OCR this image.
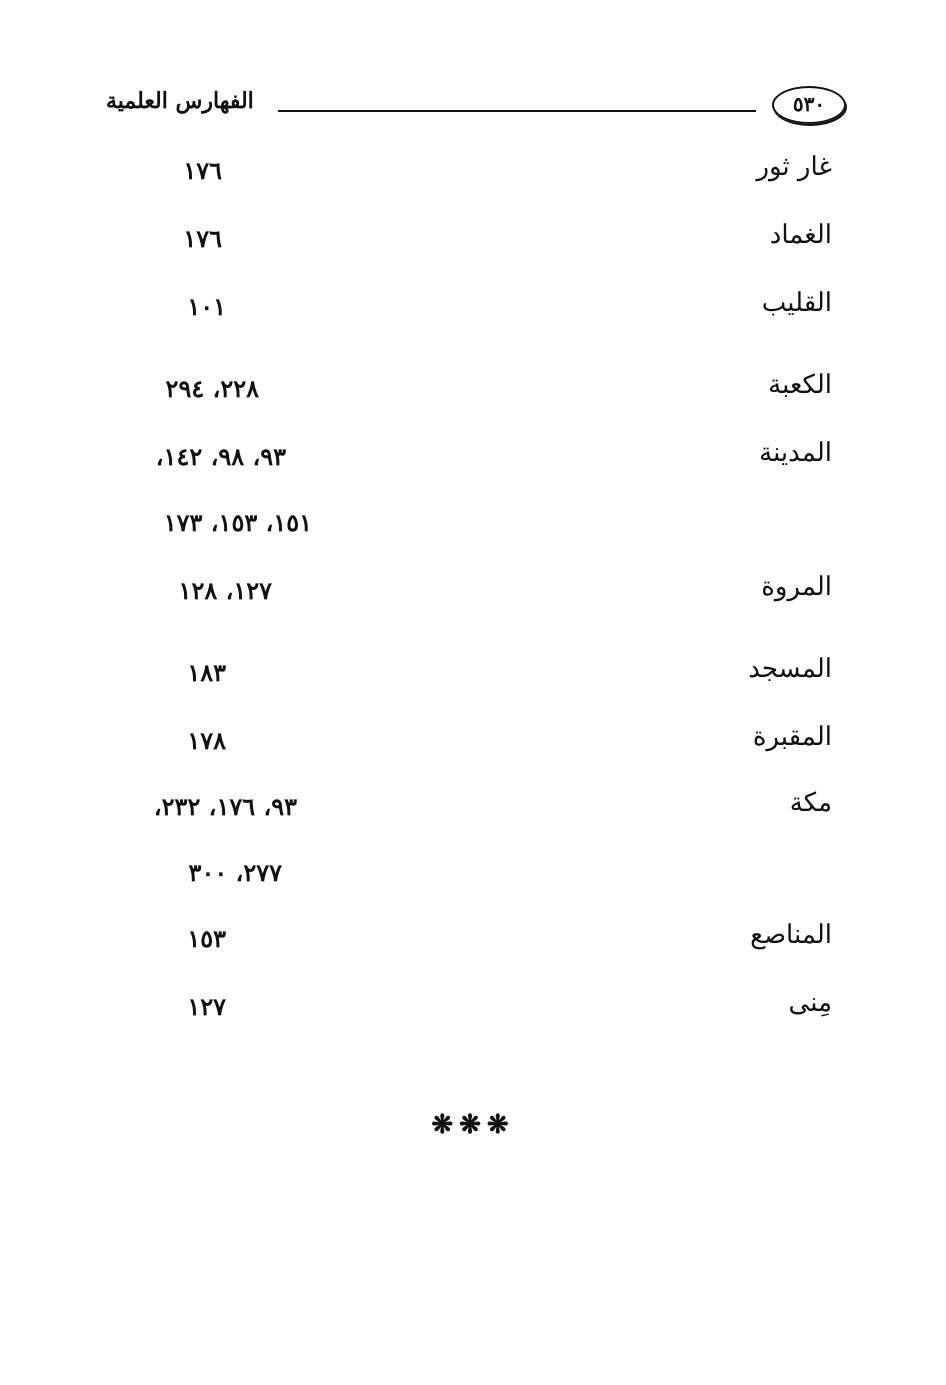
الفهارس العلمية	٥٣٠
غار ثور
١٧٦
الغماد
١٧٦
القليب
١٠١
الكعبة
٢٢٨، ٢٩٤
المدينة
٩٣، ٩٨، ١٤٢،
١٥١، ١٥٣، ١٧٣
المروة
١٢٧، ١٢٨
المسجد
١٨٣
المقبرة
١٧٨
مكة
٩٣، ١٧٦، ٢٣٢،
٢٧٧، ٣٠٠
المناصع
١٥٣
مِنى
١٢٧
❋❋❋
